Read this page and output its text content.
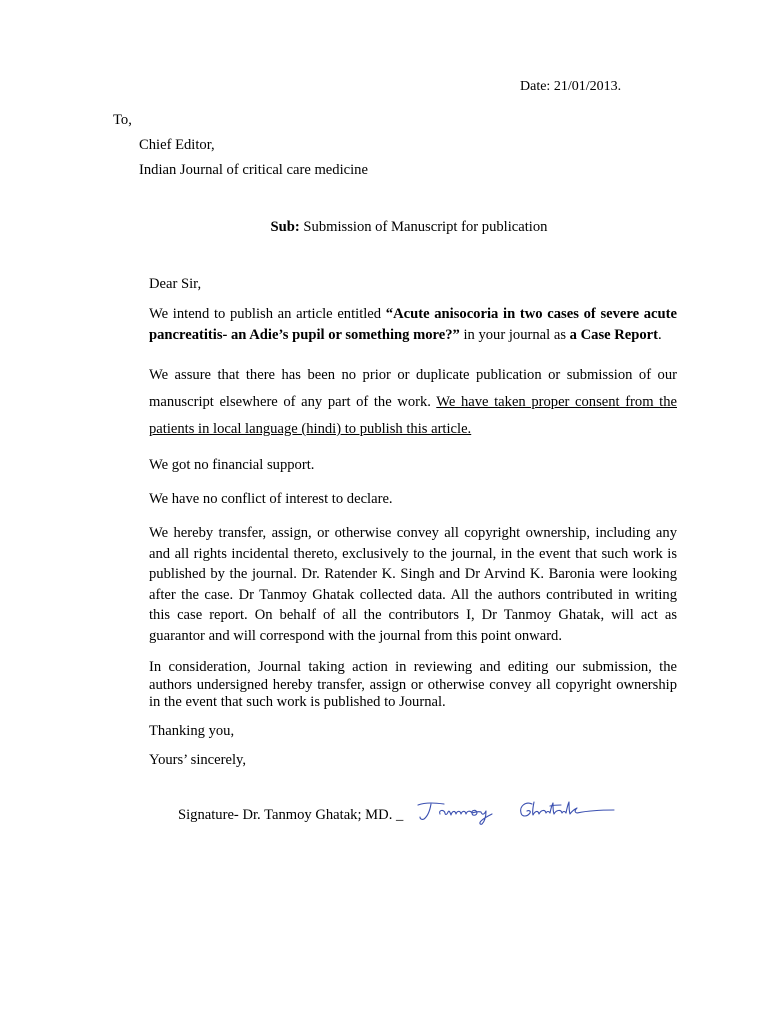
Date: 21/01/2013.
To,
Chief Editor,
Indian Journal of critical care medicine
Sub: Submission of Manuscript for publication
Dear Sir,
We intend to publish an article entitled “Acute anisocoria in two cases of severe acute pancreatitis- an Adie’s pupil or something more?” in your journal as a Case Report.
We assure that there has been no prior or duplicate publication or submission of our manuscript elsewhere of any part of the work. We have taken proper consent from the patients in local language (hindi) to publish this article.
We got no financial support.
We have no conflict of interest to declare.
We hereby transfer, assign, or otherwise convey all copyright ownership, including any and all rights incidental thereto, exclusively to the journal, in the event that such work is published by the journal. Dr. Ratender K. Singh and Dr Arvind K. Baronia were looking after the case. Dr Tanmoy Ghatak collected data. All the authors contributed in writing this case report. On behalf of all the contributors I, Dr Tanmoy Ghatak, will act as guarantor and will correspond with the journal from this point onward.
In consideration, Journal taking action in reviewing and editing our submission, the authors undersigned hereby transfer, assign or otherwise convey all copyright ownership in the event that such work is published to Journal.
Thanking you,
Yours’ sincerely,
Signature- Dr. Tanmoy Ghatak; MD. _
